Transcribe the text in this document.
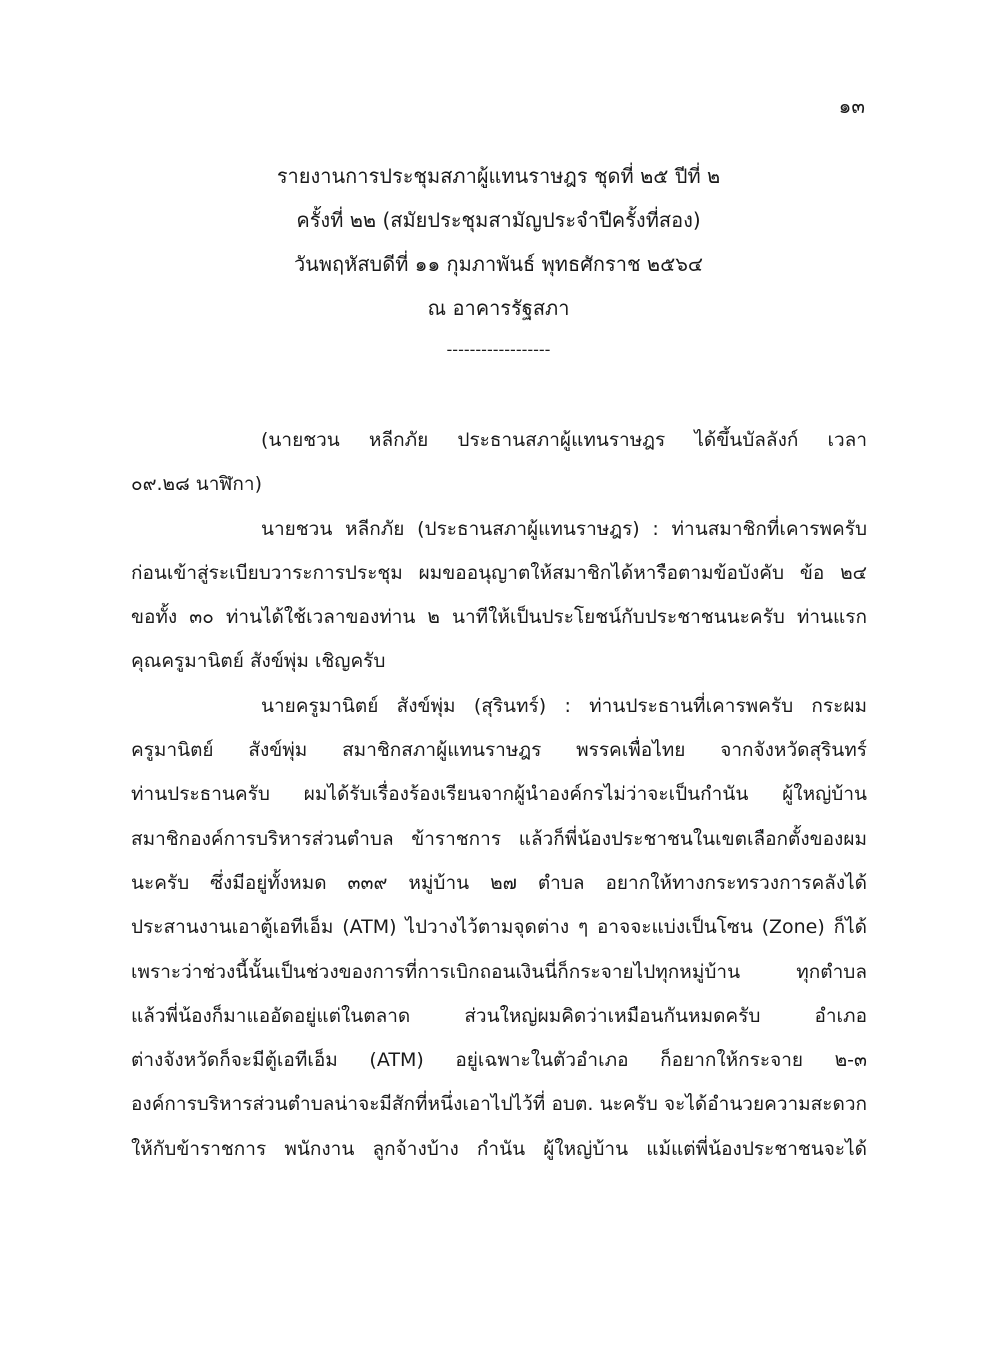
๑๓
รายงานการประชุมสภาผู้แทนราษฎร ชุดที่ ๒๕ ปีที่ ๒
ครั้งที่ ๒๒ (สมัยประชุมสามัญประจำปีครั้งที่สอง)
วันพฤหัสบดีที่ ๑๑ กุมภาพันธ์ พุทธศักราช ๒๕๖๔
ณ อาคารรัฐสภา
------------------
(นายชวน หลีกภัย ประธานสภาผู้แทนราษฎร ได้ขึ้นบัลลังก์ เวลา
๐๙.๒๘ นาฬิกา)
นายชวน หลีกภัย (ประธานสภาผู้แทนราษฎร) : ท่านสมาชิกที่เคารพครับ
ก่อนเข้าสู่ระเบียบวาระการประชุม ผมขออนุญาตให้สมาชิกได้หารือตามข้อบังคับ ข้อ ๒๔
ขอทั้ง ๓๐ ท่านได้ใช้เวลาของท่าน ๒ นาทีให้เป็นประโยชน์กับประชาชนนะครับ ท่านแรก
คุณครูมานิตย์ สังข์พุ่ม เชิญครับ
นายครูมานิตย์ สังข์พุ่ม (สุรินทร์) : ท่านประธานที่เคารพครับ กระผม
ครูมานิตย์ สังข์พุ่ม สมาชิกสภาผู้แทนราษฎร พรรคเพื่อไทย จากจังหวัดสุรินทร์
ท่านประธานครับ ผมได้รับเรื่องร้องเรียนจากผู้นำองค์กรไม่ว่าจะเป็นกำนัน ผู้ใหญ่บ้าน
สมาชิกองค์การบริหารส่วนตำบล ข้าราชการ แล้วก็พี่น้องประชาชนในเขตเลือกตั้งของผม
นะครับ ซึ่งมีอยู่ทั้งหมด ๓๓๙ หมู่บ้าน ๒๗ ตำบล อยากให้ทางกระทรวงการคลังได้
ประสานงานเอาตู้เอทีเอ็ม (ATM) ไปวางไว้ตามจุดต่าง ๆ อาจจะแบ่งเป็นโซน (Zone) ก็ได้
เพราะว่าช่วงนี้นั้นเป็นช่วงของการที่การเบิกถอนเงินนี่ก็กระจายไปทุกหมู่บ้าน ทุกตำบล
แล้วพี่น้องก็มาแออัดอยู่แต่ในตลาด ส่วนใหญ่ผมคิดว่าเหมือนกันหมดครับ อำเภอ
ต่างจังหวัดก็จะมีตู้เอทีเอ็ม (ATM) อยู่เฉพาะในตัวอำเภอ ก็อยากให้กระจาย ๒-๓
องค์การบริหารส่วนตำบลน่าจะมีสักที่หนึ่งเอาไปไว้ที่ อบต. นะครับ จะได้อำนวยความสะดวก
ให้กับข้าราชการ พนักงาน ลูกจ้างบ้าง กำนัน ผู้ใหญ่บ้าน แม้แต่พี่น้องประชาชนจะได้
